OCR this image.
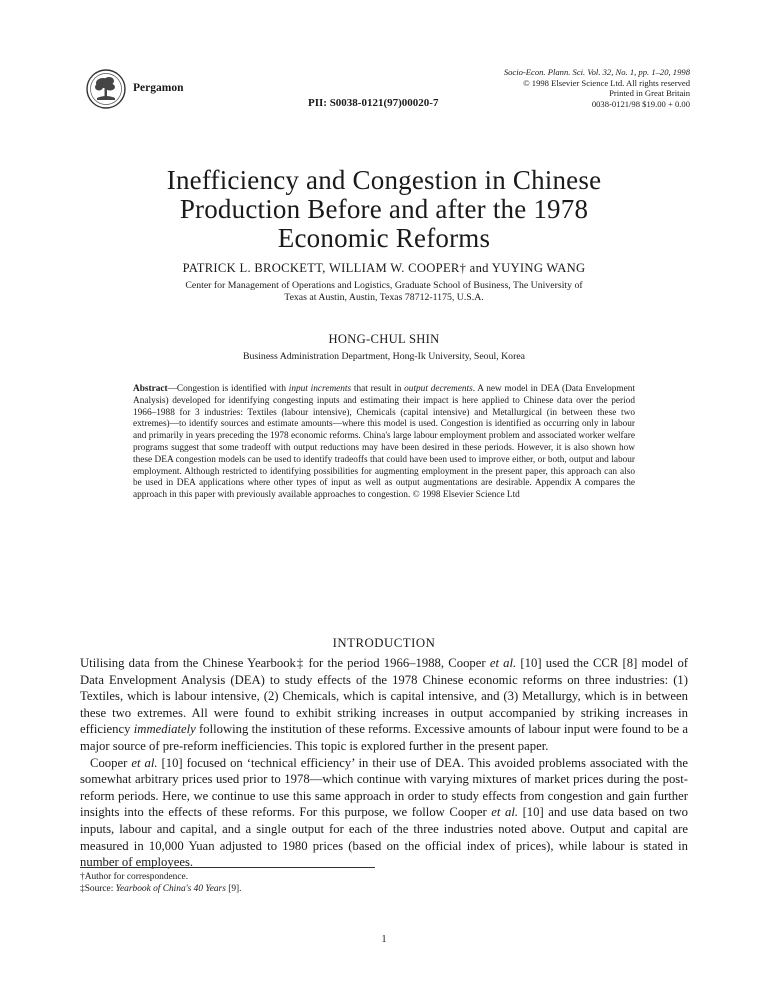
Pergamon
PII: S0038-0121(97)00020-7
Socio-Econ. Plann. Sci. Vol. 32, No. 1, pp. 1–20, 1998
© 1998 Elsevier Science Ltd. All rights reserved
Printed in Great Britain
0038-0121/98 $19.00 + 0.00
Inefficiency and Congestion in Chinese
Production Before and after the 1978
Economic Reforms
PATRICK L. BROCKETT, WILLIAM W. COOPER† and YUYING WANG
Center for Management of Operations and Logistics, Graduate School of Business, The University of
Texas at Austin, Austin, Texas 78712-1175, U.S.A.
HONG-CHUL SHIN
Business Administration Department, Hong-Ik University, Seoul, Korea
Abstract—Congestion is identified with input increments that result in output decrements. A new model in DEA (Data Envelopment Analysis) developed for identifying congesting inputs and estimating their impact is here applied to Chinese data over the period 1966–1988 for 3 industries: Textiles (labour intensive), Chemicals (capital intensive) and Metallurgical (in between these two extremes)—to identify sources and estimate amounts—where this model is used. Congestion is identified as occurring only in labour and primarily in years preceding the 1978 economic reforms. China's large labour employment problem and associated worker welfare programs suggest that some tradeoff with output reductions may have been desired in these periods. However, it is also shown how these DEA congestion models can be used to identify tradeoffs that could have been used to improve either, or both, output and labour employment. Although restricted to identifying possibilities for augmenting employment in the present paper, this approach can also be used in DEA applications where other types of input as well as output augmentations are desirable. Appendix A compares the approach in this paper with previously available approaches to congestion. © 1998 Elsevier Science Ltd
INTRODUCTION

Utilising data from the Chinese Yearbook‡ for the period 1966–1988, Cooper et al. [10] used the CCR [8] model of Data Envelopment Analysis (DEA) to study effects of the 1978 Chinese economic reforms on three industries: (1) Textiles, which is labour intensive, (2) Chemicals, which is capital intensive, and (3) Metallurgy, which is in between these two extremes. All were found to exhibit striking increases in output accompanied by striking increases in efficiency immediately following the institution of these reforms. Excessive amounts of labour input were found to be a major source of pre-reform inefficiencies. This topic is explored further in the present paper.

Cooper et al. [10] focused on ‘technical efficiency’ in their use of DEA. This avoided problems associated with the somewhat arbitrary prices used prior to 1978—which continue with varying mixtures of market prices during the post-reform periods. Here, we continue to use this same approach in order to study effects from congestion and gain further insights into the effects of these reforms. For this purpose, we follow Cooper et al. [10] and use data based on two inputs, labour and capital, and a single output for each of the three industries noted above. Output and capital are measured in 10,000 Yuan adjusted to 1980 prices (based on the official index of prices), while labour is stated in number of employees.

†Author for correspondence.
‡Source: Yearbook of China's 40 Years [9].
1
